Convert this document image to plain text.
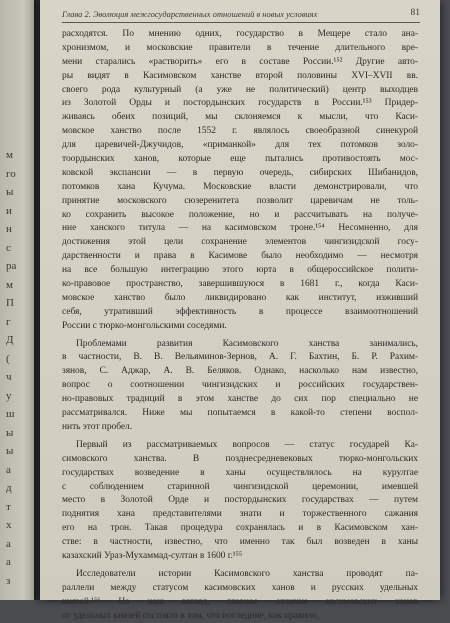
м
го
ы
и
н
с
ра
м
П
г
Д
(
ч
у
ш
ы
ы
а
д
т
х
а
а
з
Глава 2. Эволюция межгосударственных отношений в новых условиях	81
расходятся. По мнению одних, государство в Мещере стало ана-
хронизмом, и московские правители в течение длительного вре-
мени старались «растворить» его в составе России.¹⁵² Другие авто-
ры видят в Касимовском ханстве второй половины XVI–XVII вв.
своего рода культурный (а уже не политический) центр выходцев
из Золотой Орды и постордынских государств в России.¹⁵³ Придер-
живаясь обеих позиций, мы склоняемся к мысли, что Каси-
мовское ханство после 1552 г. являлось своеобразной синекурой
для царевичей-Джучидов, «приманкой» для тех потомков золо-
тоордынских ханов, которые еще пытались противостоять мос-
ковской экспансии — в первую очередь, сибирских Шибанидов,
потомков хана Кучума. Московские власти демонстрировали, что
принятие московского сюзеренитета позволит царевичам не толь-
ко сохранить высокое положение, но и рассчитывать на получе-
ние ханского титула — на касимовском троне.¹⁵⁴ Несомненно, для
достижения этой цели сохранение элементов чингизидской госу-
дарственности и права в Касимове было необходимо — несмотря
на все большую интеграцию этого юрта в общероссийское полити-
ко-правовое пространство, завершившуюся в 1681 г., когда Каси-
мовское ханство было ликвидировано как институт, изживший
себя, утративший эффективность в процессе взаимоотношений
России с тюрко-монгольскими соседями.
Проблемами развития Касимовского ханства занимались,
в частности, В. В. Вельяминов-Зернов, А. Г. Бахтин, Б. Р. Рахим-
зянов, С. Аджар, А. В. Беляков. Однако, насколько нам известно,
вопрос о соотношении чингизидских и российских государствен-
но-правовых традиций в этом ханстве до сих пор специально не
рассматривался. Ниже мы попытаемся в какой-то степени воспол-
нить этот пробел.
Первый из рассматриваемых вопросов — статус государей Ка-
симовского ханства. В позднесредневековых тюрко-монгольских
государствах возведение в ханы осуществлялось на курултае
с соблюдением старинной чингизидской церемонии, имевшей
место в Золотой Орде и постордынских государствах — путем
поднятия хана представителями знати и торжественного сажания
его на трон. Такая процедура сохранялась и в Касимовском хан-
стве: в частности, известно, что именно так был возведен в ханы
казахский Ураз-Мухаммад-султан в 1600 г.¹⁵⁵
Исследователи истории Касимовского ханства проводят па-
раллели между статусом касимовских ханов и русских удельных
князей.¹⁵⁶ На наш взгляд, главное отличие касимовских ханов
от удельных князей состояло в том, что последние, как правило,
